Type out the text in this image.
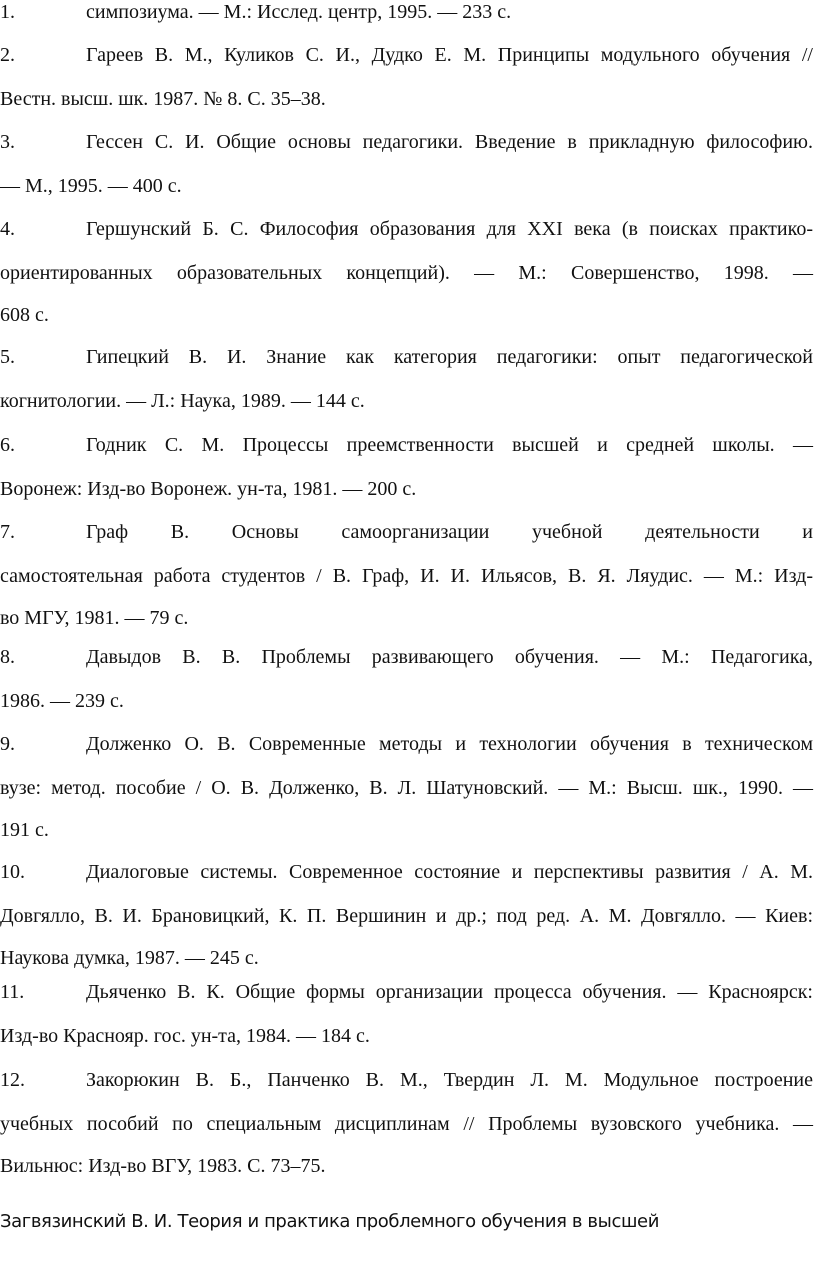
1.	симпозиума. — М.: Исслед. центр, 1995. — 233 с.
2.	Гареев В. М., Куликов С. И., Дудко Е. М. Принципы модульного обучения //
Вестн. высш. шк. 1987. № 8. С. 35–38.
3.	Гессен С. И. Общие основы педагогики. Введение в прикладную философию.
— М., 1995. — 400 с.
4.	Гершунский Б. С. Философия образования для XXI века (в поисках практико-
ориентированных образовательных концепций). — М.: Совершенство, 1998. —
608 с.
5.	Гипецкий В. И. Знание как категория педагогики: опыт педагогической
когнитологии. — Л.: Наука, 1989. — 144 с.
6.	Годник С. М. Процессы преемственности высшей и средней школы. —
Воронеж: Изд-во Воронеж. ун-та, 1981. — 200 с.
7.	Граф В. Основы самоорганизации учебной деятельности и
самостоятельная работа студентов / В. Граф, И. И. Ильясов, В. Я. Ляудис. — М.: Изд-
во МГУ, 1981. — 79 с.
8.	Давыдов В. В. Проблемы развивающего обучения. — М.: Педагогика,
1986. — 239 с.
9.	Долженко О. В. Современные методы и технологии обучения в техническом
вузе: метод. пособие / О. В. Долженко, В. Л. Шатуновский. — М.: Высш. шк., 1990. —
191 с.
10.	Диалоговые системы. Современное состояние и перспективы развития / А. М.
Довгялло, В. И. Брановицкий, К. П. Вершинин и др.; под ред. А. М. Довгялло. — Киев:
Наукова думка, 1987. — 245 с.
11.	Дьяченко В. К. Общие формы организации процесса обучения. — Красноярск:
Изд-во Краснояр. гос. ун-та, 1984. — 184 с.
12.	Закорюкин В. Б., Панченко В. М., Твердин Л. М. Модульное построение
учебных пособий по специальным дисциплинам // Проблемы вузовского учебника. —
Вильнюс: Изд-во ВГУ, 1983. С. 73–75.
Загвязинский В. И. Теория и практика проблемного обучения в высшей
